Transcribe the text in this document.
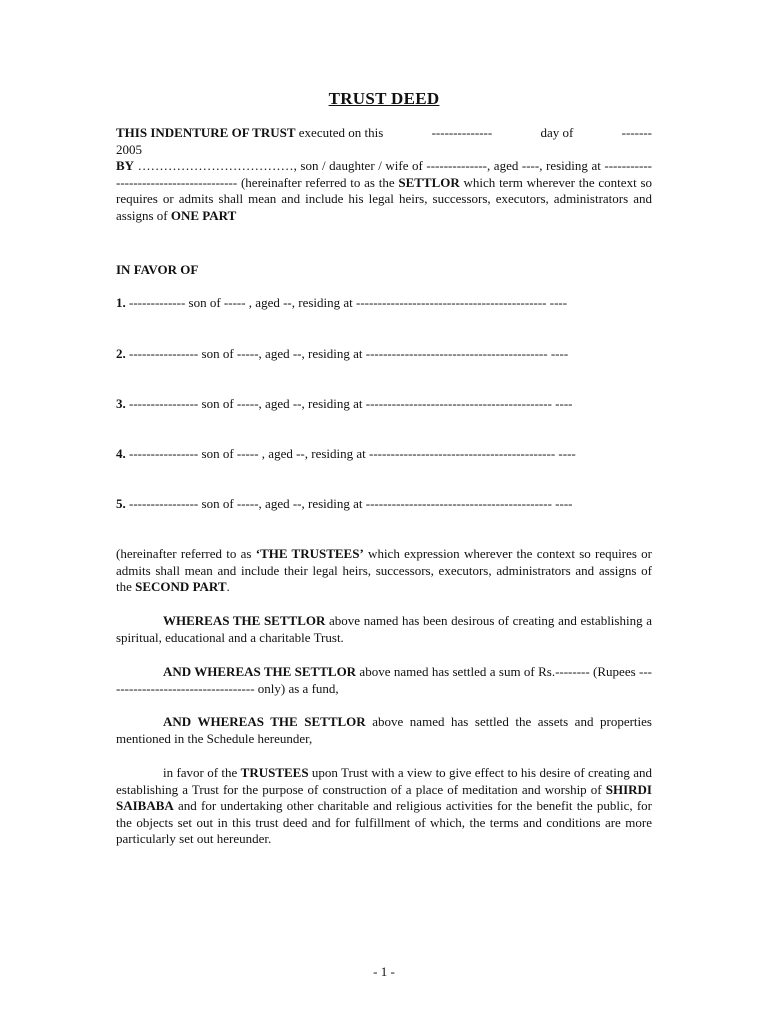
TRUST DEED
THIS INDENTURE OF TRUST executed on this	--------------	day of	-------
2005
BY ………………………………, son / daughter / wife of --------------, aged ----, residing at --------------------------------------- (hereinafter referred to as the SETTLOR which term wherever the context so requires or admits shall mean and include his legal heirs, successors, executors, administrators and assigns of ONE PART

IN FAVOR OF

1. ------------- son of ----- , aged --, residing at -------------------------------------------- ----

2. ---------------- son of -----, aged --, residing at ------------------------------------------ ----

3. ---------------- son of -----, aged --, residing at ------------------------------------------- ----

4. ---------------- son of ----- , aged --, residing at ------------------------------------------- ----

5. ---------------- son of -----, aged --, residing at ------------------------------------------- ----

(hereinafter referred to as ‘THE TRUSTEES’ which expression wherever the context so requires or admits shall mean and include their legal heirs, successors, executors, administrators and assigns of the SECOND PART.

WHEREAS THE SETTLOR above named has been desirous of creating and establishing a spiritual, educational and a charitable Trust.

AND WHEREAS THE SETTLOR above named has settled a sum of Rs.-------- (Rupees ----------------------------------- only) as a fund,

AND WHEREAS THE SETTLOR above named has settled the assets and properties mentioned in the Schedule hereunder,

in favor of the TRUSTEES upon Trust with a view to give effect to his desire of creating and establishing a Trust for the purpose of construction of a place of meditation and worship of SHIRDI SAIBABA and for undertaking other charitable and religious activities for the benefit the public, for the objects set out in this trust deed and for fulfillment of which, the terms and conditions are more particularly set out hereunder.

- 1 -
